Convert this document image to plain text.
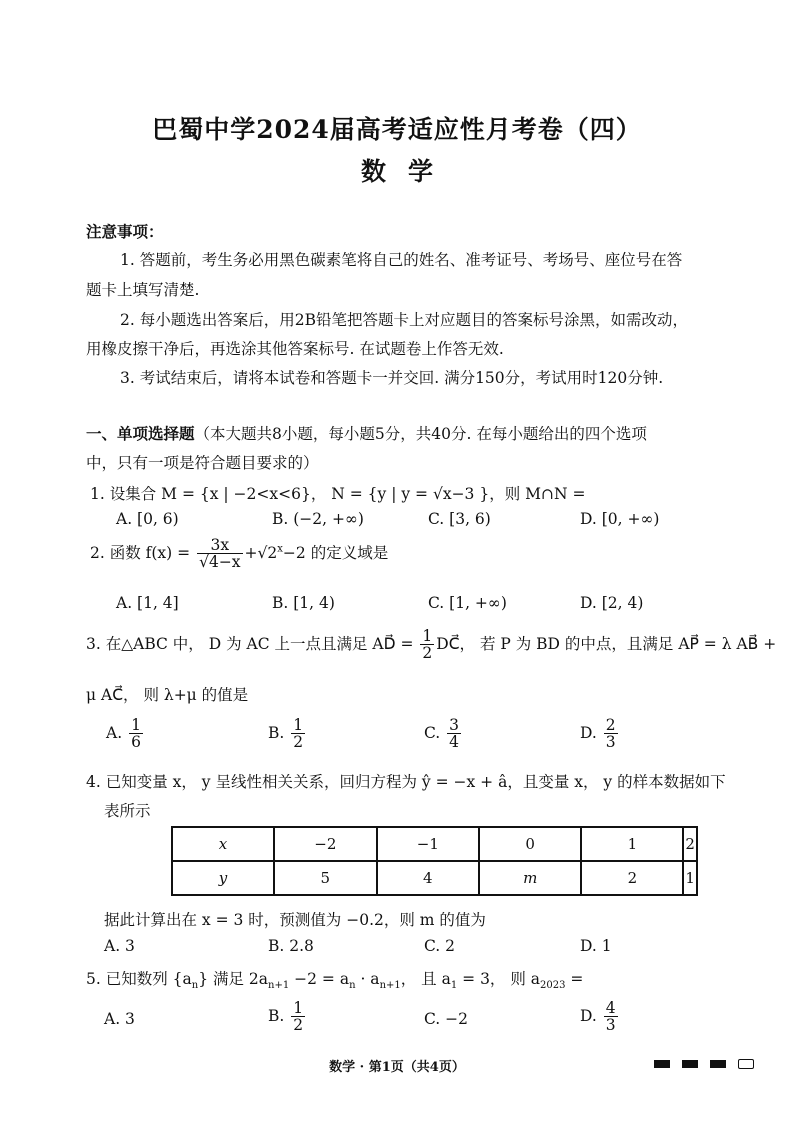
巴蜀中学2024届高考适应性月考卷（四）
数学
注意事项：
1. 答题前，考生务必用黑色碳素笔将自己的姓名、准考证号、考场号、座位号在答
题卡上填写清楚.
2. 每小题选出答案后，用2B铅笔把答题卡上对应题目的答案标号涂黑，如需改动，
用橡皮擦干净后，再选涂其他答案标号. 在试题卷上作答无效.
3. 考试结束后，请将本试卷和答题卡一并交回. 满分150分，考试用时120分钟.
一、单项选择题（本大题共8小题，每小题5分，共40分. 在每小题给出的四个选项
中，只有一项是符合题目要求的）
1. 设集合 M = {x | −2<x<6}， N = {y | y = √x−3 }，则 M∩N =
A. [0, 6)	B. (−2, +∞)	C. [3, 6)	D. [0, +∞)
2. 函数 $f(x) = \frac{3x}{√4-x} +√2^x-2$ 的定义域是
A. [1, 4]	B. [1, 4)	C. [1, +∞)	D. [2, 4)
3. 在△ABC 中， D 为 AC 上一点且满足 AD⃗ = $\frac{1}{2}$ DC⃗， 若 P 为 BD 的中点，且满足 AP⃗ = λ AB⃗ +
μ AC⃗， 则 λ+μ 的值是
A. $\frac{1}{6}$	B. $\frac{1}{2}$	C. $\frac{3}{4}$	D. $\frac{2}{3}$
4. 已知变量 x， y 呈线性相关关系，回归方程为 ŷ = −x + â，且变量 x， y 的样本数据如下
表所示
x	−2	−1	0	1	2
y	5	4	m	2	1
据此计算出在 x = 3 时，预测值为 −0.2，则 m 的值为
A. 3	B. 2.8	C. 2	D. 1
5. 已知数列 $\{a_n\}$ 满足 $2a_{n+1} -2 = a_n \cdot a_{n+1}$， 且 $a_1 = 3$， 则 $a_{2023}$ =
A. 3	B. $\frac{1}{2}$	C. −2	D. $\frac{4}{3}$
数学 · 第1页（共4页）
